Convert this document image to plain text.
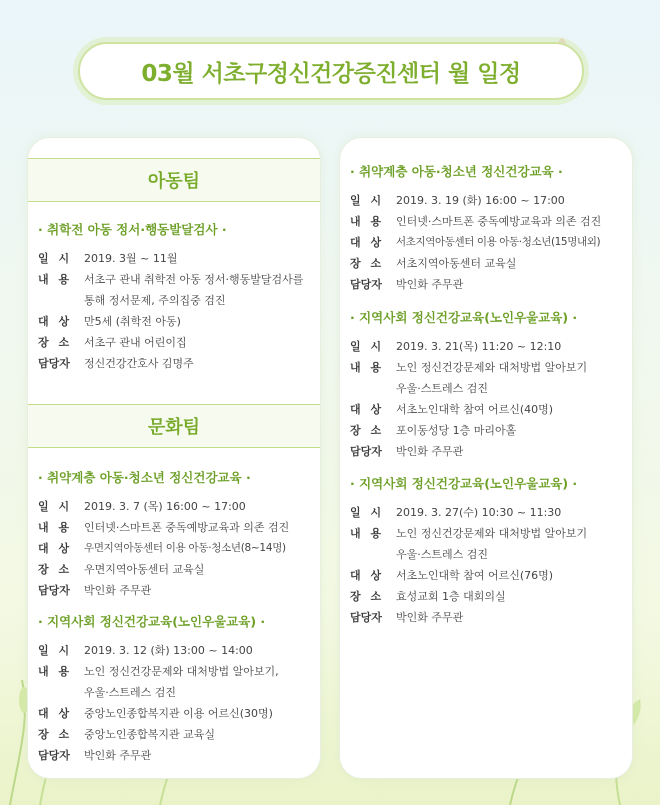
03월 서초구정신건강증진센터 월 일정
아동팀
· 취학전 아동 정서·행동발달검사 ·
일 시	2019. 3월 ~ 11월
내 용	서초구 관내 취학전 아동 정서·행동발달검사를
통해 정서문제, 주의집중 검진
대 상	만5세 (취학전 아동)
장 소	서초구 관내 어린이집
담당자	정신건강간호사 김명주
문화팀
· 취약계층 아동·청소년 정신건강교육 ·
일 시	2019. 3. 7 (목) 16:00 ~ 17:00
내 용	인터넷·스마트폰 중독예방교육과 의존 검진
대 상	우면지역아동센터 이용 아동·청소년(8~14명)
장 소	우면지역아동센터 교육실
담당자	박인화 주무관
· 지역사회 정신건강교육(노인우울교육) ·
일 시	2019. 3. 12 (화) 13:00 ~ 14:00
내 용	노인 정신건강문제와 대처방법 알아보기,
우울·스트레스 검진
대 상	중앙노인종합복지관 이용 어르신(30명)
장 소	중앙노인종합복지관 교육실
담당자	박인화 주무관
· 취약계층 아동·청소년 정신건강교육 ·
일 시	2019. 3. 19 (화) 16:00 ~ 17:00
내 용	인터넷·스마트폰 중독예방교육과 의존 검진
대 상	서초지역아동센터 이용 아동·청소년(15명내외)
장 소	서초지역아동센터 교육실
담당자	박인화 주무관
· 지역사회 정신건강교육(노인우울교육) ·
일 시	2019. 3. 21(목) 11:20 ~ 12:10
내 용	노인 정신건강문제와 대처방법 알아보기
우울·스트레스 검진
대 상	서초노인대학 참여 어르신(40명)
장 소	포이동성당 1층 마리아홀
담당자	박인화 주무관
· 지역사회 정신건강교육(노인우울교육) ·
일 시	2019. 3. 27(수) 10:30 ~ 11:30
내 용	노인 정신건강문제와 대처방법 알아보기
우울·스트레스 검진
대 상	서초노인대학 참여 어르신(76명)
장 소	효성교회 1층 대회의실
담당자	박인화 주무관
